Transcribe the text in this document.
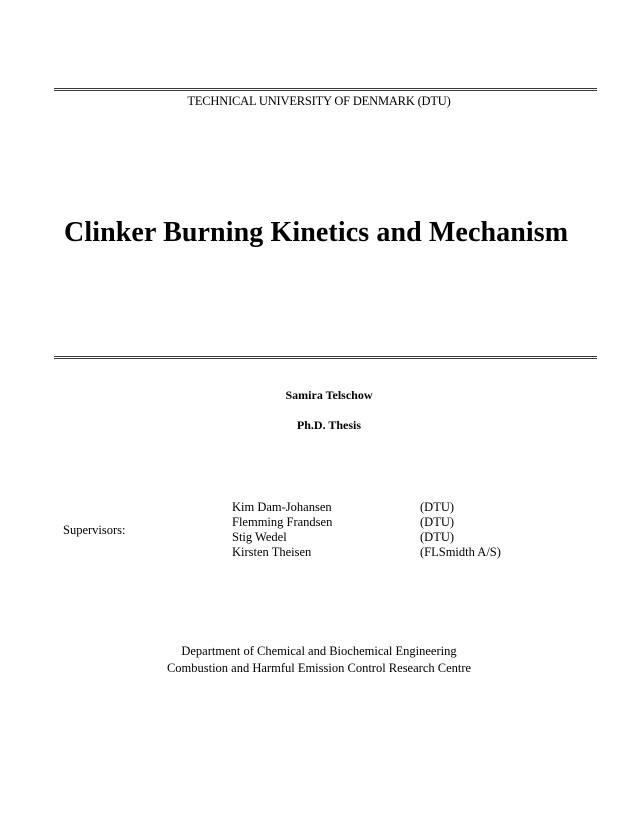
TECHNICAL UNIVERSITY OF DENMARK (DTU)
Clinker Burning Kinetics and Mechanism
Samira Telschow
Ph.D. Thesis
Supervisors:
Kim Dam-Johansen	(DTU)
Flemming Frandsen	(DTU)
Stig Wedel	(DTU)
Kirsten Theisen	(FLSmidth A/S)
Department of Chemical and Biochemical Engineering
Combustion and Harmful Emission Control Research Centre
